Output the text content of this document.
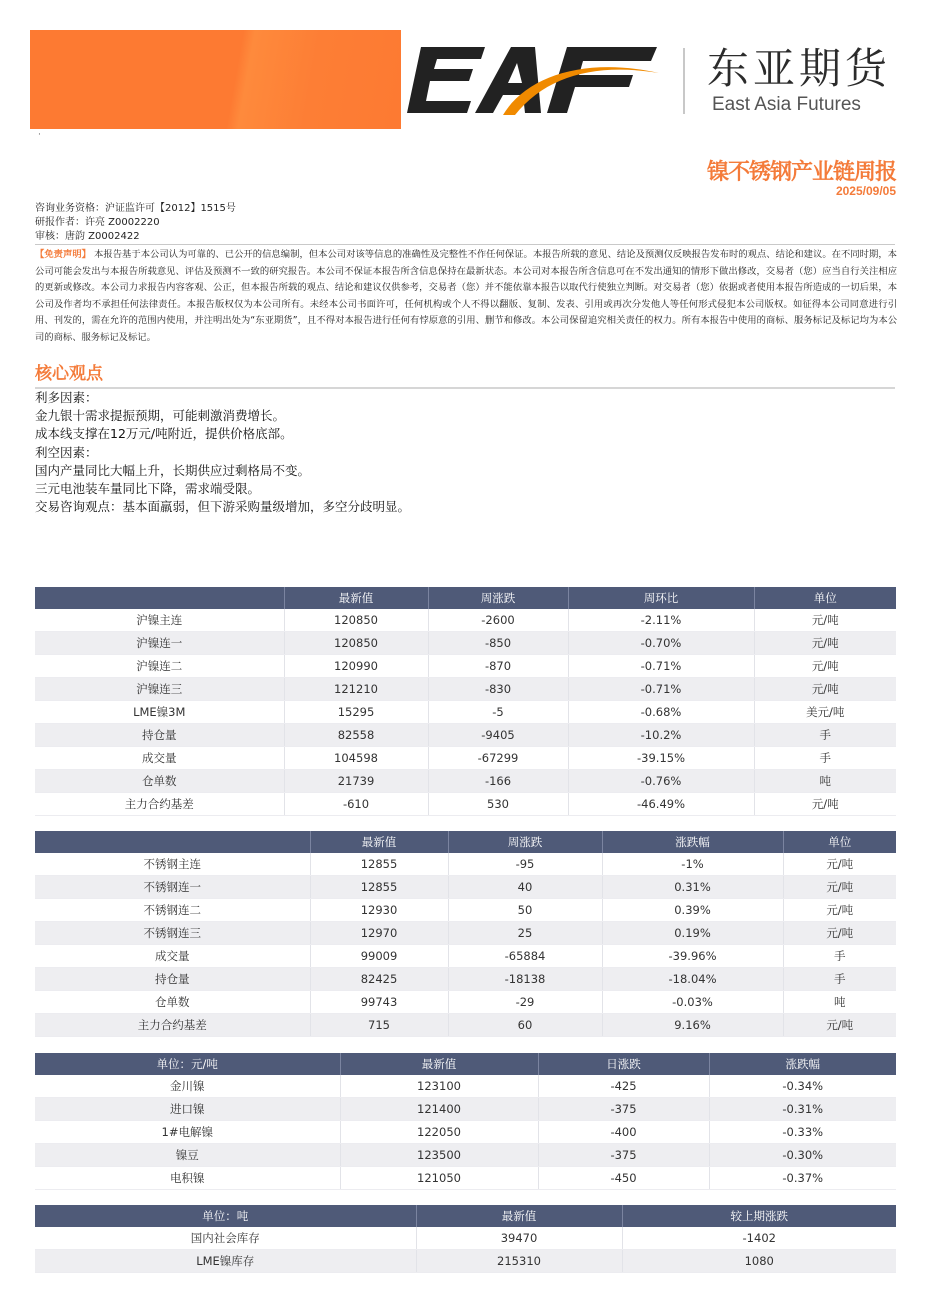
·
东亚期货
East Asia Futures
镍不锈钢产业链周报
2025/09/05
咨询业务资格：沪证监许可【2012】1515号
研报作者：许亮 Z0002220
审核：唐韵 Z0002422
【免责声明】 本报告基于本公司认为可靠的、已公开的信息编制，但本公司对该等信息的准确性及完整性不作任何保证。本报告所载的意见、结论及预测仅反映报告发布时的观点、结论和建议。在不同时期，本公司可能会发出与本报告所载意见、评估及预测不一致的研究报告。本公司不保证本报告所含信息保持在最新状态。本公司对本报告所含信息可在不发出通知的情形下做出修改，交易者（您）应当自行关注相应的更新或修改。本公司力求报告内容客观、公正，但本报告所载的观点、结论和建议仅供参考，交易者（您）并不能依靠本报告以取代行使独立判断。对交易者（您）依据或者使用本报告所造成的一切后果，本公司及作者均不承担任何法律责任。本报告版权仅为本公司所有。未经本公司书面许可，任何机构或个人不得以翻版、复制、发表、引用或再次分发他人等任何形式侵犯本公司版权。如征得本公司同意进行引用、刊发的，需在允许的范围内使用，并注明出处为“东亚期货”，且不得对本报告进行任何有悖原意的引用、删节和修改。本公司保留追究相关责任的权力。所有本报告中使用的商标、服务标记及标记均为本公司的商标、服务标记及标记。
核心观点
利多因素：
金九银十需求提振预期，可能刺激消费增长。
成本线支撑在12万元/吨附近，提供价格底部。
利空因素：
国内产量同比大幅上升，长期供应过剩格局不变。
三元电池装车量同比下降，需求端受限。
交易咨询观点：基本面羸弱，但下游采购量级增加，多空分歧明显。
	最新值	周涨跌	周环比	单位
沪镍主连	120850	-2600	-2.11%	元/吨
沪镍连一	120850	-850	-0.70%	元/吨
沪镍连二	120990	-870	-0.71%	元/吨
沪镍连三	121210	-830	-0.71%	元/吨
LME镍3M	15295	-5	-0.68%	美元/吨
持仓量	82558	-9405	-10.2%	手
成交量	104598	-67299	-39.15%	手
仓单数	21739	-166	-0.76%	吨
主力合约基差	-610	530	-46.49%	元/吨
	最新值	周涨跌	涨跌幅	单位
不锈钢主连	12855	-95	-1%	元/吨
不锈钢连一	12855	40	0.31%	元/吨
不锈钢连二	12930	50	0.39%	元/吨
不锈钢连三	12970	25	0.19%	元/吨
成交量	99009	-65884	-39.96%	手
持仓量	82425	-18138	-18.04%	手
仓单数	99743	-29	-0.03%	吨
主力合约基差	715	60	9.16%	元/吨
单位：元/吨	最新值	日涨跌	涨跌幅
金川镍	123100	-425	-0.34%
进口镍	121400	-375	-0.31%
1#电解镍	122050	-400	-0.33%
镍豆	123500	-375	-0.30%
电积镍	121050	-450	-0.37%
单位：吨	最新值	较上期涨跌
国内社会库存	39470	-1402
LME镍库存	215310	1080
